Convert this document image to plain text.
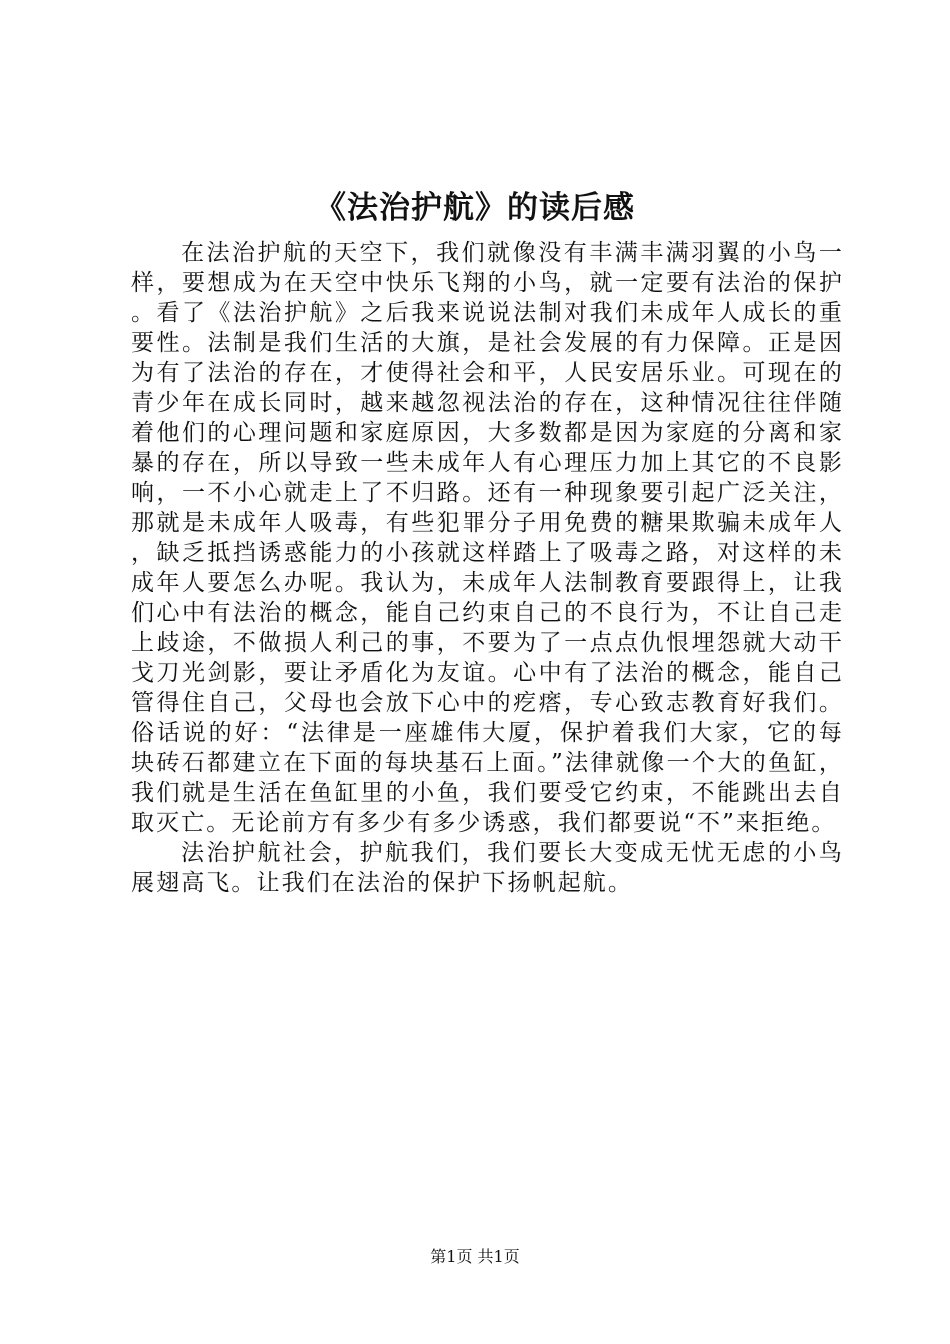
《法治护航》的读后感

在法治护航的天空下，我们就像没有丰满丰满羽翼的小鸟一样，要想成为在天空中快乐飞翔的小鸟，就一定要有法治的保护。看了《法治护航》之后我来说说法制对我们未成年人成长的重要性。法制是我们生活的大旗，是社会发展的有力保障。正是因为有了法治的存在，才使得社会和平，人民安居乐业。可现在的青少年在成长同时，越来越忽视法治的存在，这种情况往往伴随着他们的心理问题和家庭原因，大多数都是因为家庭的分离和家暴的存在，所以导致一些未成年人有心理压力加上其它的不良影响，一不小心就走上了不归路。还有一种现象要引起广泛关注，那就是未成年人吸毒，有些犯罪分子用免费的糖果欺骗未成年人，缺乏抵挡诱惑能力的小孩就这样踏上了吸毒之路，对这样的未成年人要怎么办呢。我认为，未成年人法制教育要跟得上，让我们心中有法治的概念，能自己约束自己的不良行为，不让自己走上歧途，不做损人利己的事，不要为了一点点仇恨埋怨就大动干戈刀光剑影，要让矛盾化为友谊。心中有了法治的概念，能自己管得住自己，父母也会放下心中的疙瘩，专心致志教育好我们。俗话说的好：“法律是一座雄伟大厦，保护着我们大家，它的每块砖石都建立在下面的每块基石上面。”法律就像一个大的鱼缸，我们就是生活在鱼缸里的小鱼，我们要受它约束，不能跳出去自取灭亡。无论前方有多少有多少诱惑，我们都要说“不”来拒绝。

法治护航社会，护航我们，我们要长大变成无忧无虑的小鸟展翅高飞。让我们在法治的保护下扬帆起航。

第1页 共1页
